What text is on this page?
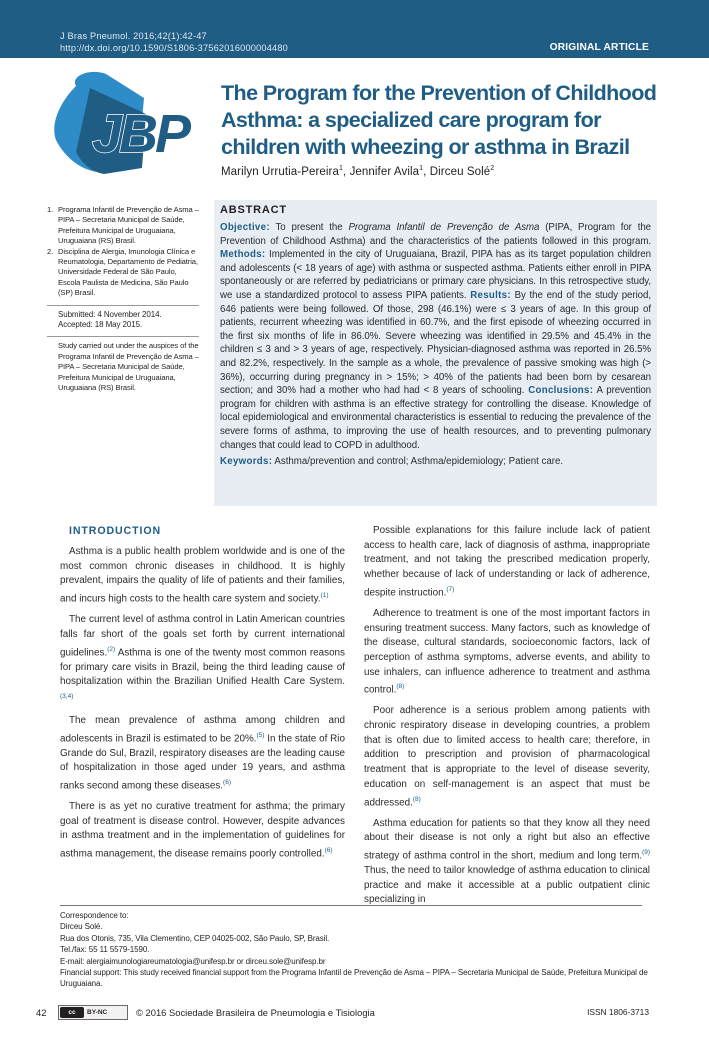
J Bras Pneumol. 2016;42(1):42-47
http://dx.doi.org/10.1590/S1806-37562016000004480	ORIGINAL ARTICLE
JBP
The Program for the Prevention of Childhood Asthma: a specialized care program for children with wheezing or asthma in Brazil
Marilyn Urrutia-Pereira$^1$, Jennifer Avila$^1$, Dirceu Solé$^2$
1. Programa Infantil de Prevenção de Asma – PIPA – Secretaria Municipal de Saúde, Prefeitura Municipal de Uruguaiana, Uruguaiana (RS) Brasil.
2. Disciplina de Alergia, Imunologia Clínica e Reumatologia, Departamento de Pediatria, Universidade Federal de São Paulo, Escola Paulista de Medicina, São Paulo (SP) Brasil.
Submitted: 4 November 2014.
Accepted: 18 May 2015.
Study carried out under the auspices of the Programa Infantil de Prevenção de Asma – PIPA – Secretaria Municipal de Saúde, Prefeitura Municipal de Uruguaiana, Uruguaiana (RS) Brasil.
ABSTRACT
Objective: To present the Programa Infantil de Prevenção de Asma (PIPA, Program for the Prevention of Childhood Asthma) and the characteristics of the patients followed in this program. Methods: Implemented in the city of Uruguaiana, Brazil, PIPA has as its target population children and adolescents (< 18 years of age) with asthma or suspected asthma. Patients either enroll in PIPA spontaneously or are referred by pediatricians or primary care physicians. In this retrospective study, we use a standardized protocol to assess PIPA patients. Results: By the end of the study period, 646 patients were being followed. Of those, 298 (46.1%) were ≤ 3 years of age. In this group of patients, recurrent wheezing was identified in 60.7%, and the first episode of wheezing occurred in the first six months of life in 86.0%. Severe wheezing was identified in 29.5% and 45.4% in the children ≤ 3 and > 3 years of age, respectively. Physician-diagnosed asthma was reported in 26.5% and 82.2%, respectively. In the sample as a whole, the prevalence of passive smoking was high (> 36%), occurring during pregnancy in > 15%; > 40% of the patients had been born by cesarean section; and 30% had a mother who had had < 8 years of schooling. Conclusions: A prevention program for children with asthma is an effective strategy for controlling the disease. Knowledge of local epidemiological and environmental characteristics is essential to reducing the prevalence of the severe forms of asthma, to improving the use of health resources, and to preventing pulmonary changes that could lead to COPD in adulthood.
Keywords: Asthma/prevention and control; Asthma/epidemiology; Patient care.
INTRODUCTION

Asthma is a public health problem worldwide and is one of the most common chronic diseases in childhood. It is highly prevalent, impairs the quality of life of patients and their families, and incurs high costs to the health care system and society.$^{(1)}$

The current level of asthma control in Latin American countries falls far short of the goals set forth by current international guidelines.$^{(2)}$ Asthma is one of the twenty most common reasons for primary care visits in Brazil, being the third leading cause of hospitalization within the Brazilian Unified Health Care System.$^{(3,4)}$

The mean prevalence of asthma among children and adolescents in Brazil is estimated to be 20%.$^{(5)}$ In the state of Rio Grande do Sul, Brazil, respiratory diseases are the leading cause of hospitalization in those aged under 19 years, and asthma ranks second among these diseases.$^{(6)}$

There is as yet no curative treatment for asthma; the primary goal of treatment is disease control. However, despite advances in asthma treatment and in the implementation of guidelines for asthma management, the disease remains poorly controlled.$^{(6)}$

Possible explanations for this failure include lack of patient access to health care, lack of diagnosis of asthma, inappropriate treatment, and not taking the prescribed medication properly, whether because of lack of understanding or lack of adherence, despite instruction.$^{(7)}$

Adherence to treatment is one of the most important factors in ensuring treatment success. Many factors, such as knowledge of the disease, cultural standards, socioeconomic factors, lack of perception of asthma symptoms, adverse events, and ability to use inhalers, can influence adherence to treatment and asthma control.$^{(8)}$

Poor adherence is a serious problem among patients with chronic respiratory disease in developing countries, a problem that is often due to limited access to health care; therefore, in addition to prescription and provision of pharmacological treatment that is appropriate to the level of disease severity, education on self-management is an aspect that must be addressed.$^{(8)}$

Asthma education for patients so that they know all they need about their disease is not only a right but also an effective strategy of asthma control in the short, medium and long term.$^{(9)}$ Thus, the need to tailor knowledge of asthma education to clinical practice and make it accessible at a public outpatient clinic specializing in

Correspondence to:
Dirceu Solé.
Rua dos Otonis, 735, Vila Clementino, CEP 04025-002, São Paulo, SP, Brasil.
Tel./fax: 55 11 5579-1590.
E-mail: alergiaimunologiareumatologia@unifesp.br or dirceu.sole@unifesp.br
Financial support: This study received financial support from the Programa Infantil de Prevenção de Asma – PIPA – Secretaria Municipal de Saúde, Prefeitura Municipal de Uruguaiana.
42	cc	BY-NC	© 2016 Sociedade Brasileira de Pneumologia e Tisiologia	ISSN 1806-3713
